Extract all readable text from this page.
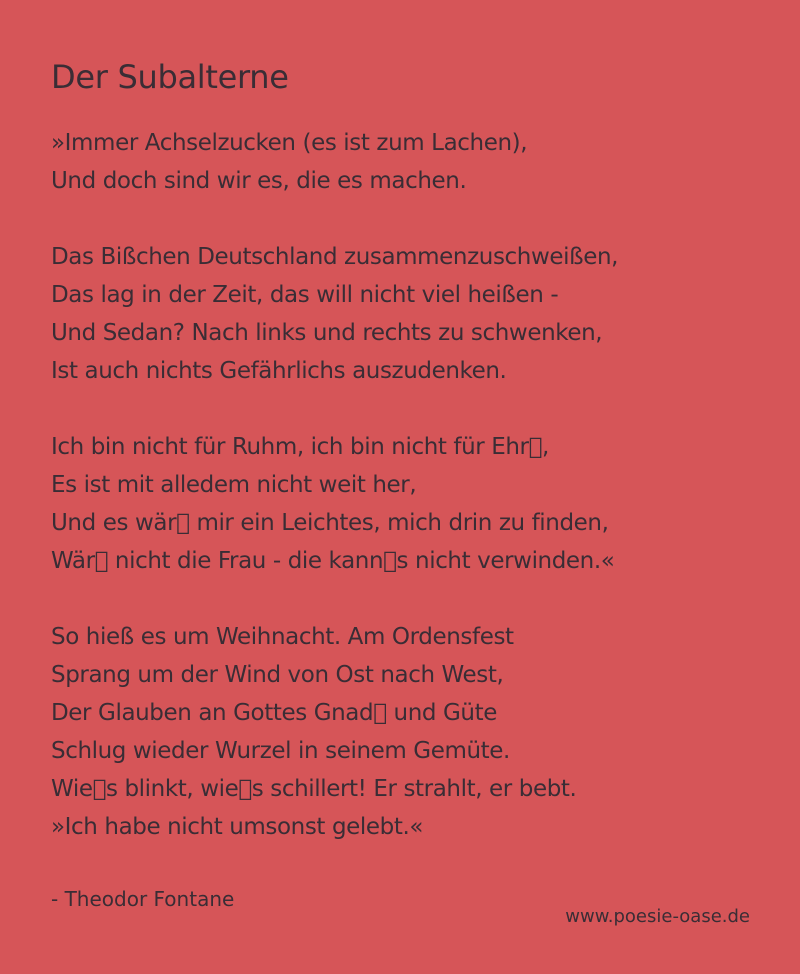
Der Subalterne
»Immer Achselzucken (es ist zum Lachen),
Und doch sind wir es, die es machen.
Das Bißchen Deutschland zusammenzuschweißen,
Das lag in der Zeit, das will nicht viel heißen -
Und Sedan? Nach links und rechts zu schwenken,
Ist auch nichts Gefährlichs auszudenken.
Ich bin nicht für Ruhm, ich bin nicht für Ehr ,
Es ist mit alledem nicht weit her,
Und es wär  mir ein Leichtes, mich drin zu finden,
Wär  nicht die Frau - die kann s nicht verwinden.«
So hieß es um Weihnacht. Am Ordensfest
Sprang um der Wind von Ost nach West,
Der Glauben an Gottes Gnad  und Güte
Schlug wieder Wurzel in seinem Gemüte.
Wie s blinkt, wie s schillert! Er strahlt, er bebt.
»Ich habe nicht umsonst gelebt.«
- Theodor Fontane
www.poesie-oase.de
